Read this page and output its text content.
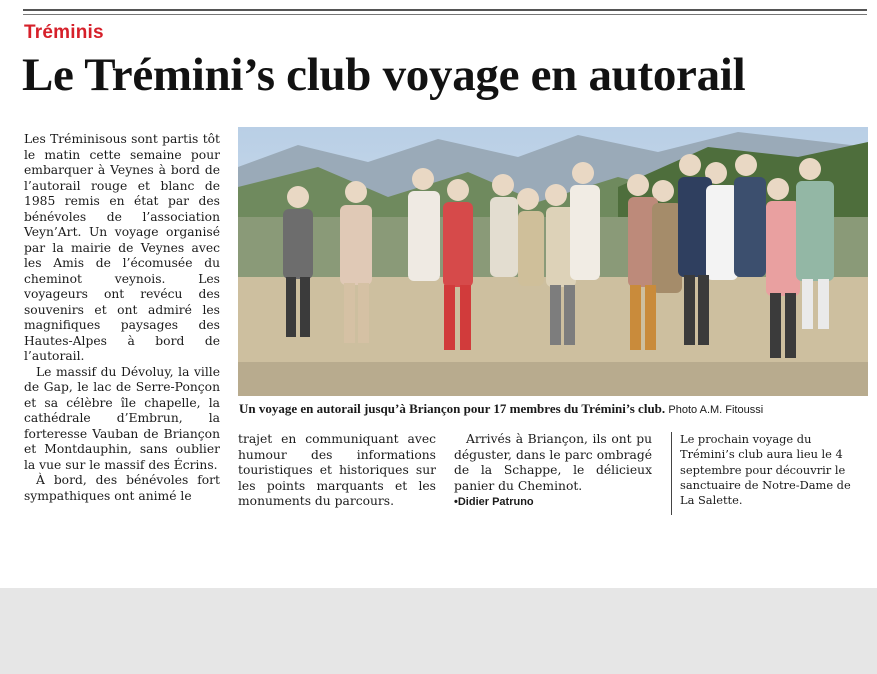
Tréminis
Le Trémini’s club voyage en autorail

Les Tréminisous sont partis tôt le matin cette semaine pour embarquer à Veynes à bord de l’autorail rouge et blanc de 1985 remis en état par des bénévoles de l’association Veyn’Art. Un voyage organisé par la mairie de Veynes avec les Amis de l’écomusée du cheminot veynois. Les voyageurs ont revécu des souvenirs et ont admiré les magnifiques paysages des Hautes-Alpes à bord de l’autorail.

Le massif du Dévoluy, la ville de Gap, le lac de Serre-Ponçon et sa célèbre île chapelle, la cathédrale d’Embrun, la forteresse Vauban de Briançon et Montdauphin, sans oublier la vue sur le massif des Écrins.

À bord, des bénévoles fort sympathiques ont animé le

Un voyage en autorail jusqu’à Briançon pour 17 membres du Trémini’s club. Photo A.M. Fitoussi

trajet en communiquant avec humour des informations touristiques et historiques sur les points marquants et les monuments du parcours.

Arrivés à Briançon, ils ont pu déguster, dans le parc ombragé de la Schappe, le délicieux panier du Cheminot.

•Didier Patruno

Le prochain voyage du Trémini’s club aura lieu le 4 septembre pour découvrir le sanctuaire de Notre-Dame de La Salette.
